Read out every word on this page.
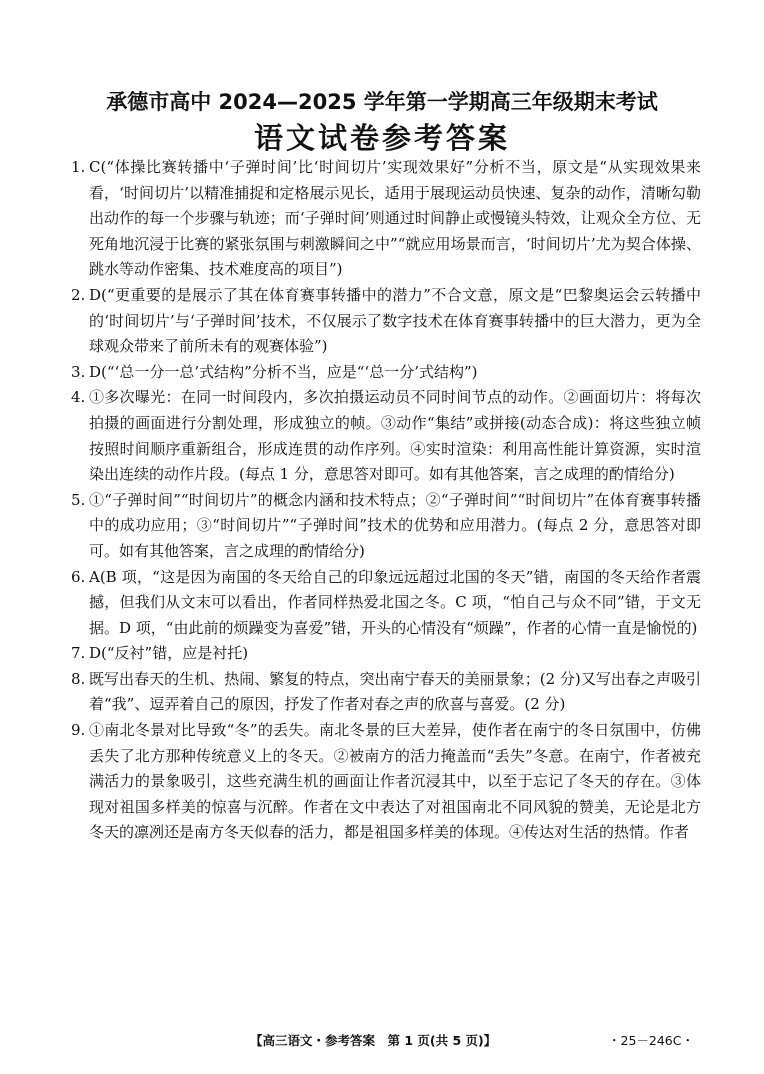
承德市高中 2024—2025 学年第一学期高三年级期末考试
语文试卷参考答案
1. C(“体操比赛转播中‘子弹时间’比‘时间切片’实现效果好”分析不当，原文是“从实现效果来看，‘时间切片’以精准捕捉和定格展示见长，适用于展现运动员快速、复杂的动作，清晰勾勒出动作的每一个步骤与轨迹；而‘子弹时间’则通过时间静止或慢镜头特效，让观众全方位、无死角地沉浸于比赛的紧张氛围与刺激瞬间之中”“就应用场景而言，‘时间切片’尤为契合体操、跳水等动作密集、技术难度高的项目”)
2. D(“更重要的是展示了其在体育赛事转播中的潜力”不合文意，原文是“巴黎奥运会云转播中的‘时间切片’与‘子弹时间’技术，不仅展示了数字技术在体育赛事转播中的巨大潜力，更为全球观众带来了前所未有的观赛体验”)
3. D(“‘总一分一总’式结构”分析不当，应是“‘总一分’式结构”)
4. ①多次曝光：在同一时间段内，多次拍摄运动员不同时间节点的动作。②画面切片：将每次拍摄的画面进行分割处理，形成独立的帧。③动作“集结”或拼接(动态合成)：将这些独立帧按照时间顺序重新组合，形成连贯的动作序列。④实时渲染：利用高性能计算资源，实时渲染出连续的动作片段。(每点 1 分，意思答对即可。如有其他答案，言之成理的酌情给分)
5. ①“子弹时间”“时间切片”的概念内涵和技术特点；②“子弹时间”“时间切片”在体育赛事转播中的成功应用；③“时间切片”“子弹时间”技术的优势和应用潜力。(每点 2 分，意思答对即可。如有其他答案，言之成理的酌情给分)
6. A(B 项，“这是因为南国的冬天给自己的印象远远超过北国的冬天”错，南国的冬天给作者震撼，但我们从文末可以看出，作者同样热爱北国之冬。C 项，“怕自己与众不同”错，于文无据。D 项，“由此前的烦躁变为喜爱”错，开头的心情没有“烦躁”，作者的心情一直是愉悦的)
7. D(“反衬”错，应是衬托)
8. 既写出春天的生机、热闹、繁复的特点，突出南宁春天的美丽景象；(2 分)又写出春之声吸引着“我”、逗弄着自己的原因，抒发了作者对春之声的欣喜与喜爱。(2 分)
9. ①南北冬景对比导致“冬”的丢失。南北冬景的巨大差异，使作者在南宁的冬日氛围中，仿佛丢失了北方那种传统意义上的冬天。②被南方的活力掩盖而“丢失”冬意。在南宁，作者被充满活力的景象吸引，这些充满生机的画面让作者沉浸其中，以至于忘记了冬天的存在。③体现对祖国多样美的惊喜与沉醉。作者在文中表达了对祖国南北不同风貌的赞美，无论是北方冬天的凛冽还是南方冬天似春的活力，都是祖国多样美的体现。④传达对生活的热情。作者
【高三语文・参考答案　第 1 页(共 5 页)】	・25－246C・
